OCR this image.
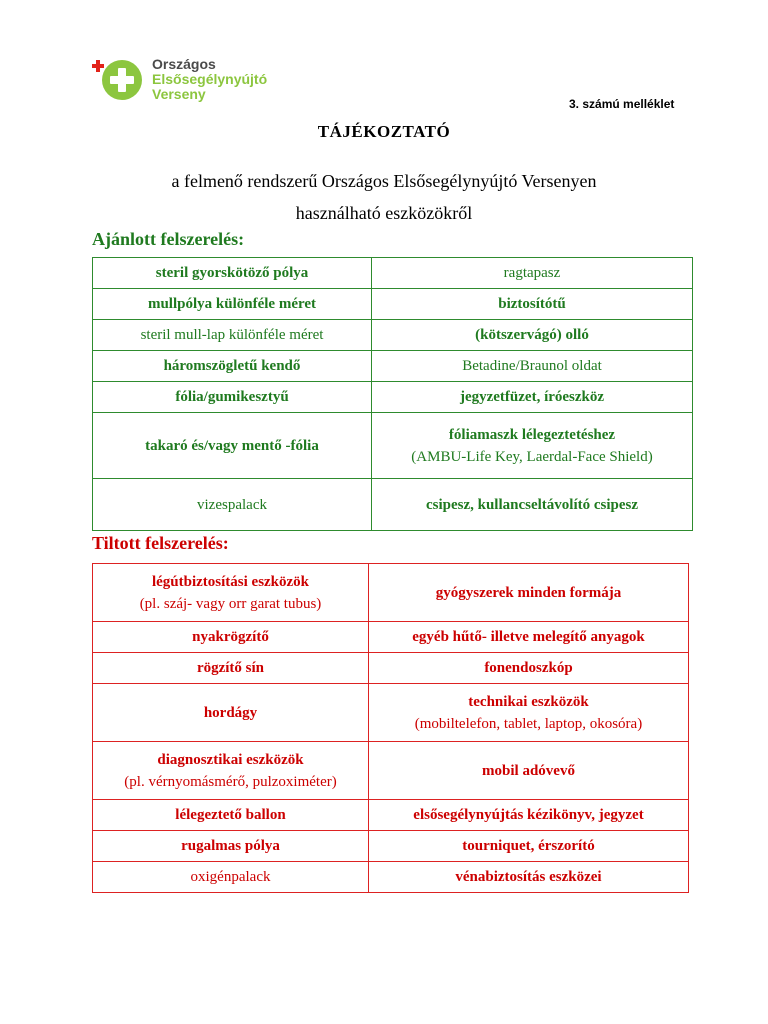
Országos
Elsősegélynyújtó
Verseny
3. számú melléklet
TÁJÉKOZTATÓ
a felmenő rendszerű Országos Elsősegélynyújtó Versenyen
használható eszközökről
Ajánlott felszerelés:
steril gyorskötöző pólya	ragtapasz
mullpólya különféle méret	biztosítótű
steril mull-lap különféle méret	(kötszervágó) olló
háromszögletű kendő	Betadine/Braunol oldat
fólia/gumikesztyű	jegyzetfüzet, íróeszköz
takaró és/vagy mentő -fólia	fóliamaszk lélegeztetéshez
(AMBU-Life Key, Laerdal-Face Shield)

vizespalack	csipesz, kullancseltávolító csipesz
Tiltott felszerelés:
légútbiztosítási eszközök
(pl. száj- vagy orr garat tubus)	gyógyszerek minden formája
nyakrögzítő	egyéb hűtő- illetve melegítő anyagok
rögzítő sín	fonendoszkóp
hordágy	technikai eszközök
(mobiltelefon, tablet, laptop, okosóra)

diagnosztikai eszközök
(pl. vérnyomásmérő, pulzoximéter)	mobil adóvevő
lélegeztető ballon	elsősegélynyújtás kézikönyv, jegyzet
rugalmas pólya	tourniquet, érszorító
oxigénpalack	vénabiztosítás eszközei
